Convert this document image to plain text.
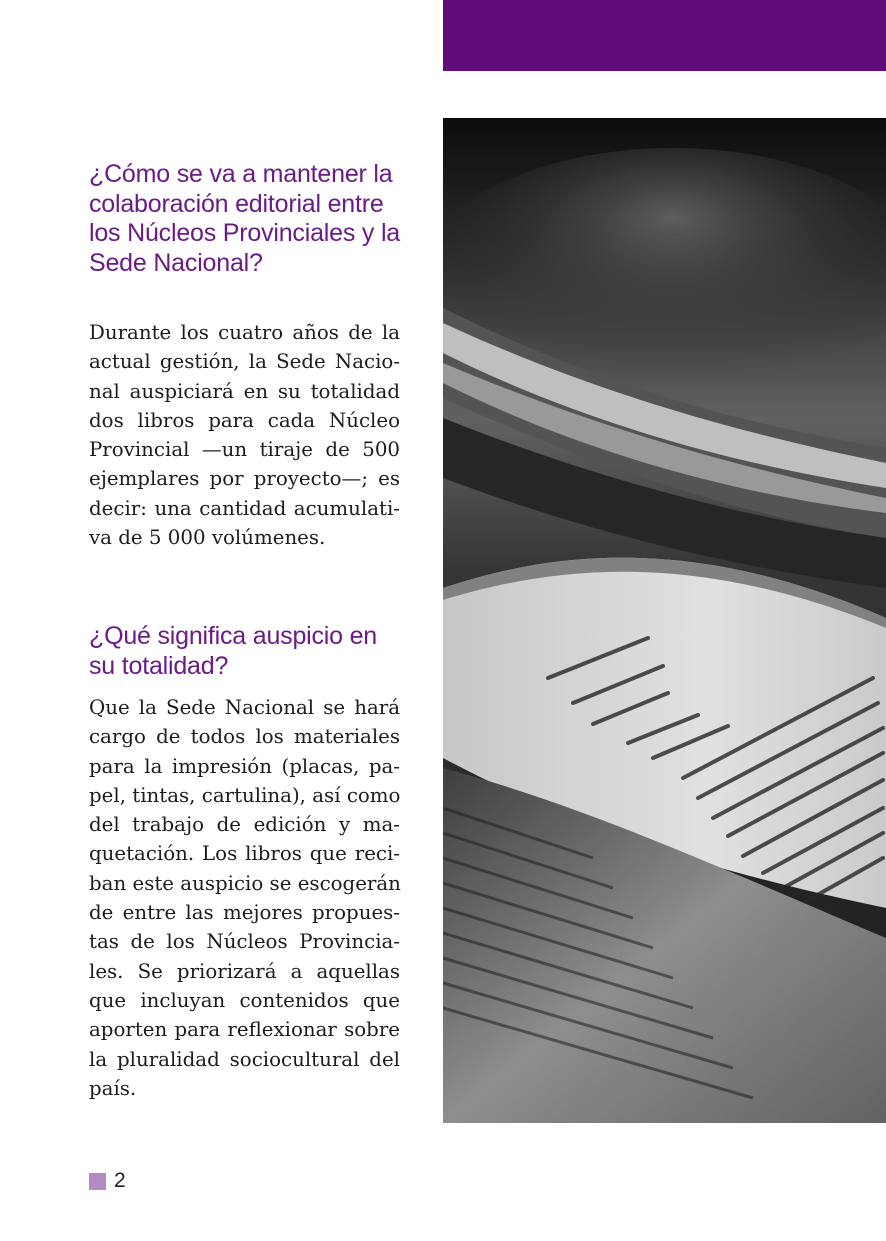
¿Cómo se va a mantener la colaboración editorial entre los Núcleos Provinciales y la Sede Nacional?

Durante los cuatro años de la
actual gestión, la Sede Nacio-
nal auspiciará en su totalidad
dos libros para cada Núcleo
Provincial —un tiraje de 500
ejemplares por proyecto—; es
decir: una cantidad acumulati-
va de 5 000 volúmenes.

¿Qué significa auspicio en su totalidad?

Que la Sede Nacional se hará
cargo de todos los materiales
para la impresión (placas, pa-
pel, tintas, cartulina), así como
del trabajo de edición y ma-
quetación. Los libros que reci-
ban este auspicio se escogerán
de entre las mejores propues-
tas de los Núcleos Provincia-
les. Se priorizará a aquellas
que incluyan contenidos que
aporten para reflexionar sobre
la pluralidad sociocultural del
país.

2
